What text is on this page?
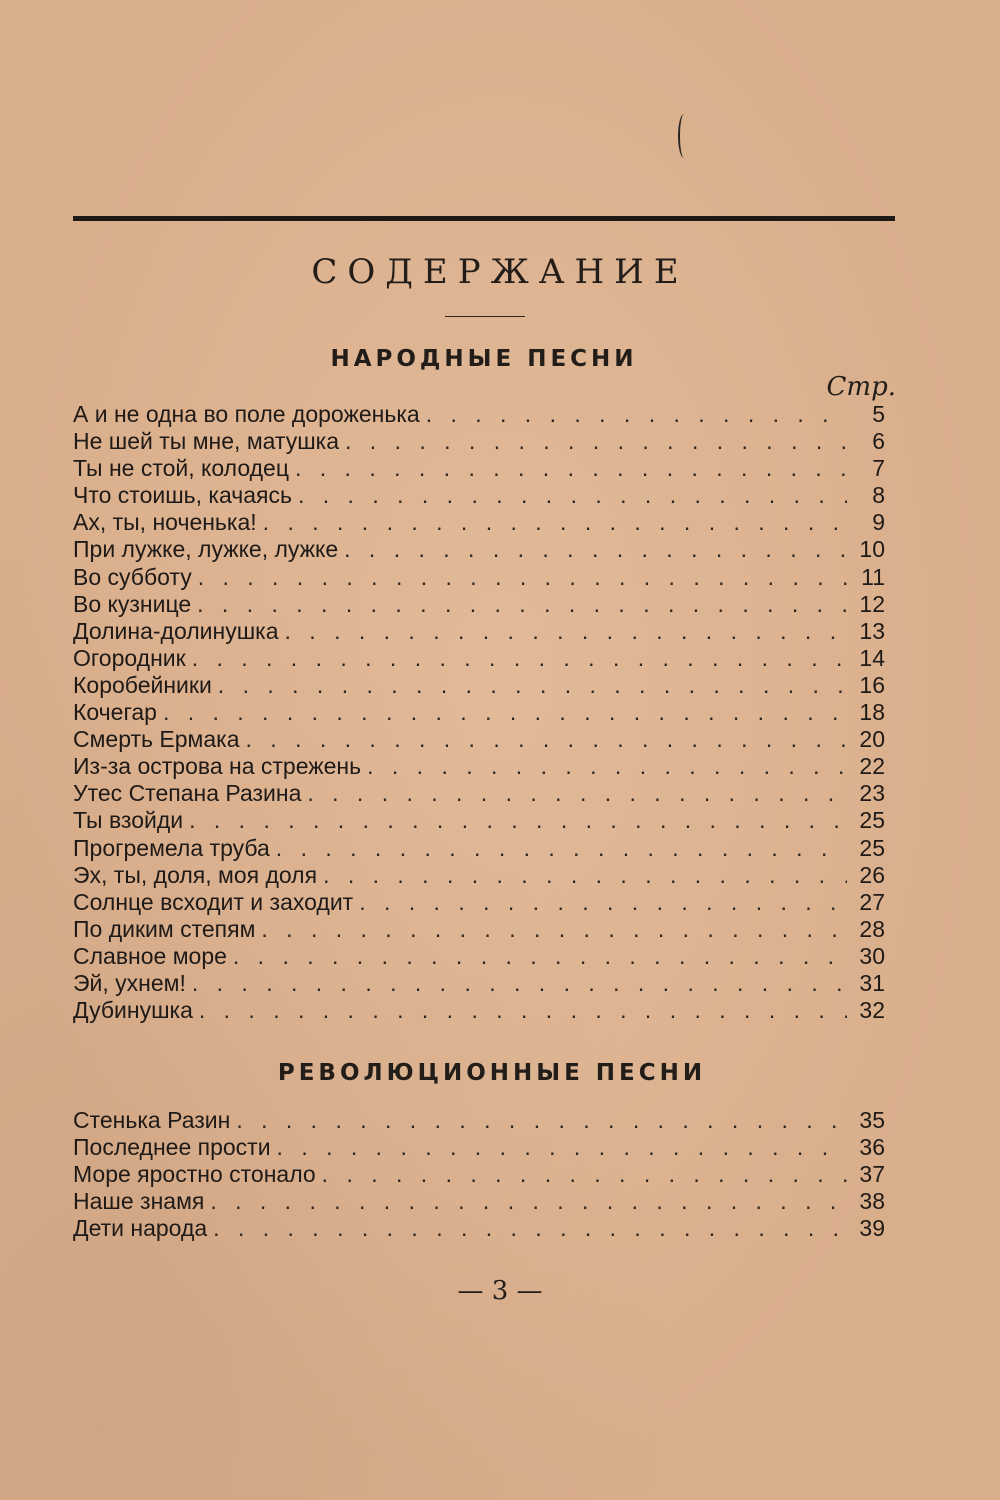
СОДЕРЖАНИЕ
НАРОДНЫЕ ПЕСНИ
Стр.
А и не одна во поле дороженька . . .	5
Не шей ты мне, матушка . . .	6
Ты не стой, колодец . . .	7
Что стоишь, качаясь . . .	8
Ах, ты, ноченька! . . .	9
При лужке, лужке, лужке . . .	10
Во субботу . . .	11
Во кузнице . . .	12
Долина-долинушка . . .	13
Огородник . . .	14
Коробейники . . .	16
Кочегар . . .	18
Смерть Ермака . . .	20
Из-за острова на стрежень . . .	22
Утес Степана Разина . . .	23
Ты взойди . . .	25
Прогремела труба . . .	25
Эх, ты, доля, моя доля . . .	26
Солнце всходит и заходит . . .	27
По диким степям . . .	28
Славное море . . .	30
Эй, ухнем! . . .	31
Дубинушка . . .	32
РЕВОЛЮЦИОННЫЕ ПЕСНИ
Стенька Разин . . .	35
Последнее прости . . .	36
Море яростно стонало . . .	37
Наше знамя . . .	38
Дети народа . . .	39
— 3 —
